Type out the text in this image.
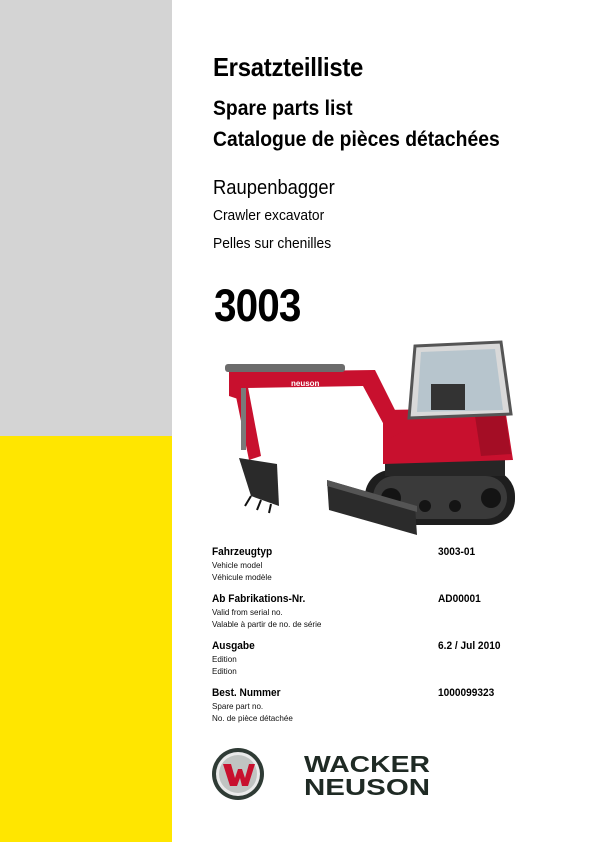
Ersatzteilliste
Spare parts list
Catalogue de pièces détachées
Raupenbagger
Crawler excavator
Pelles sur chenilles
3003
neuson
Fahrzeugtyp
Vehicle model
Véhicule modèle
3003-01
Ab Fabrikations-Nr.
Valid from serial no.
Valable à partir de no. de série
AD00001
Ausgabe
Edition
Edition
6.2 / Jul 2010
Best. Nummer
Spare part no.
No. de pièce détachée
1000099323
WACKER
NEUSON
